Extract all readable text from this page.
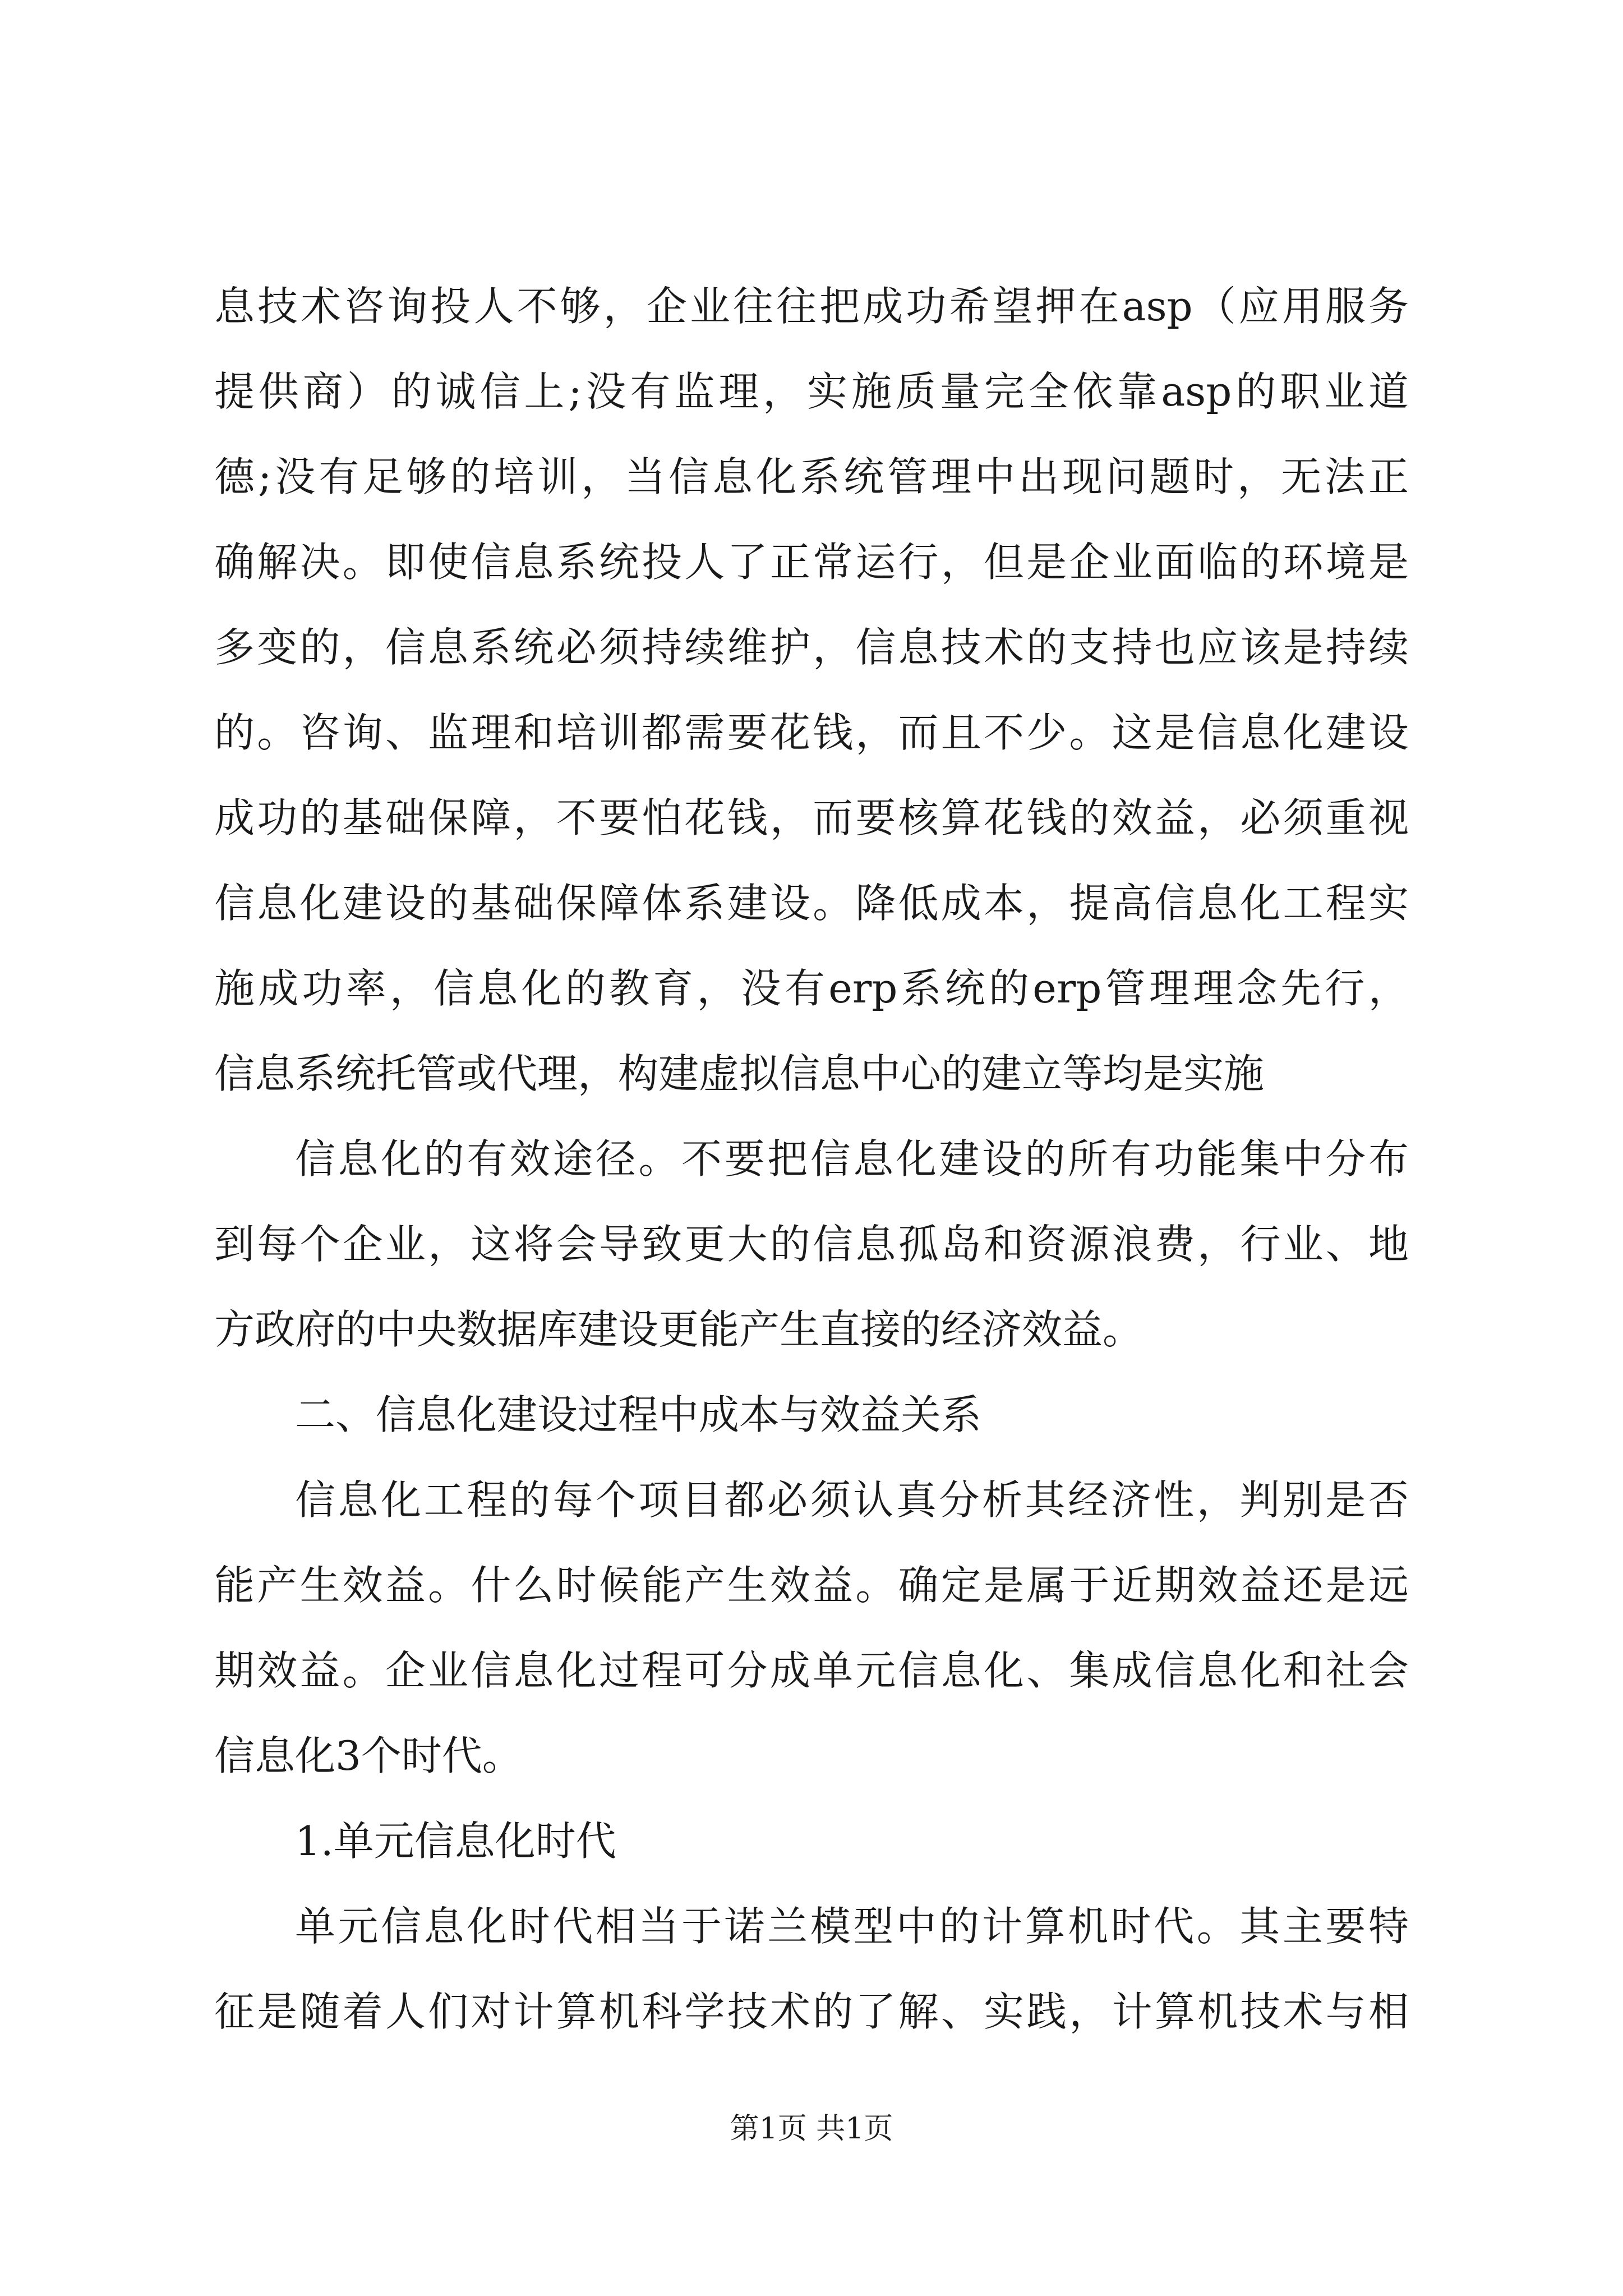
息技术咨询投人不够，企业往往把成功希望押在asp（应用服务
提供商）的诚信上;没有监理，实施质量完全依靠asp的职业道
德;没有足够的培训，当信息化系统管理中出现问题时，无法正
确解决。即使信息系统投人了正常运行，但是企业面临的环境是
多变的，信息系统必须持续维护，信息技术的支持也应该是持续
的。咨询、监理和培训都需要花钱，而且不少。这是信息化建设
成功的基础保障，不要怕花钱，而要核算花钱的效益，必须重视
信息化建设的基础保障体系建设。降低成本，提高信息化工程实
施成功率，信息化的教育，没有erp系统的erp管理理念先行，
信息系统托管或代理，构建虚拟信息中心的建立等均是实施
信息化的有效途径。不要把信息化建设的所有功能集中分布
到每个企业，这将会导致更大的信息孤岛和资源浪费，行业、地
方政府的中央数据库建设更能产生直接的经济效益。
二、信息化建设过程中成本与效益关系
信息化工程的每个项目都必须认真分析其经济性，判别是否
能产生效益。什么时候能产生效益。确定是属于近期效益还是远
期效益。企业信息化过程可分成单元信息化、集成信息化和社会
信息化3个时代。
1.单元信息化时代
单元信息化时代相当于诺兰模型中的计算机时代。其主要特
征是随着人们对计算机科学技术的了解、实践，计算机技术与相
第1页 共1页
